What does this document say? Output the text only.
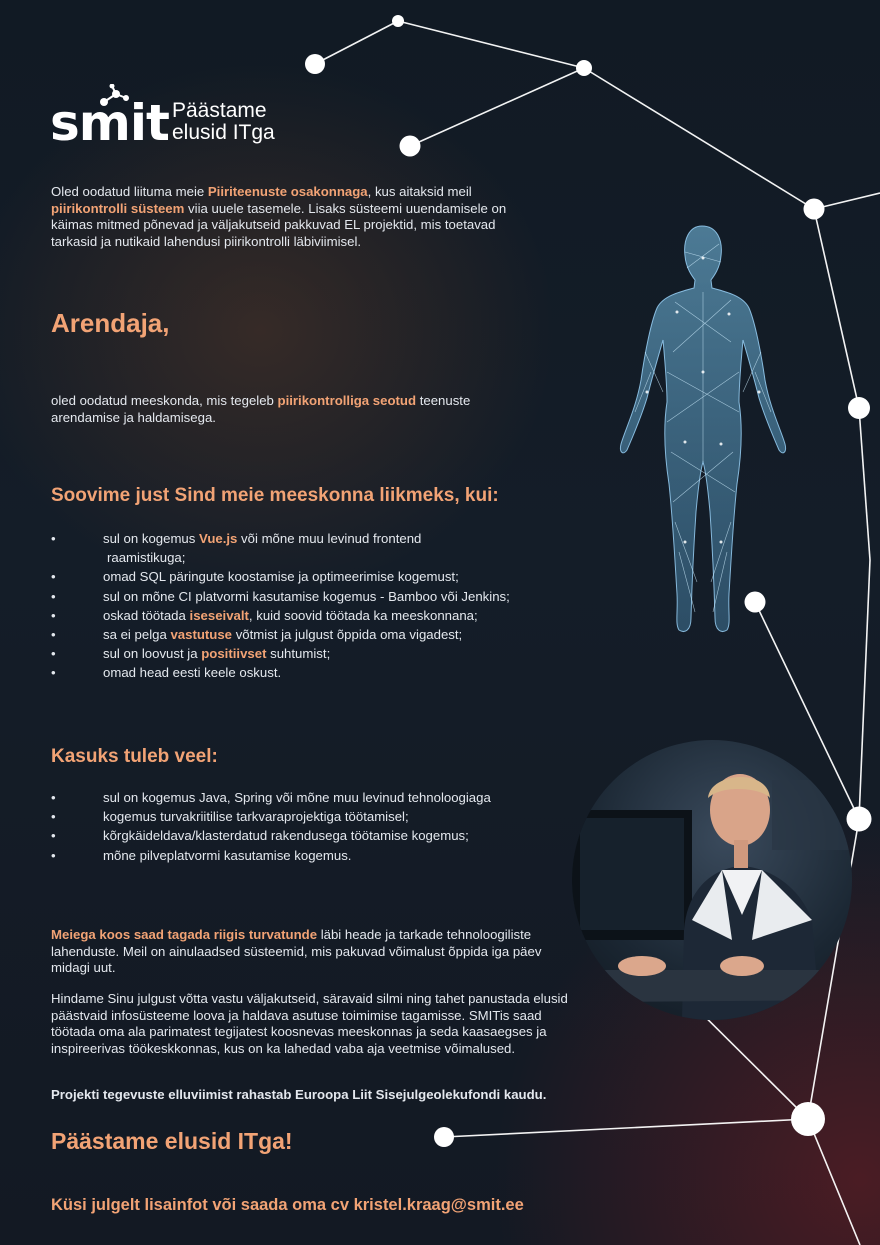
smit Päästame
elusid ITga
Oled oodatud liituma meie Piiriteenuste osakonnaga, kus aitaksid meil piirikontrolli süsteem viia uuele tasemele. Lisaks süsteemi uuendamisele on käimas mitmed põnevad ja väljakutseid pakkuvad EL projektid, mis toetavad tarkasid ja nutikaid lahendusi piirikontrolli läbiviimisel.
Arendaja,
oled oodatud meeskonda, mis tegeleb piirikontrolliga seotud teenuste arendamise ja haldamisega.
Soovime just Sind meie meeskonna liikmeks, kui:
• sul on kogemus Vue.js või mõne muu levinud frontend
raamistikuga;
• omad SQL päringute koostamise ja optimeerimise kogemust;
• sul on mõne CI platvormi kasutamise kogemus - Bamboo või Jenkins;
• oskad töötada iseseivalt, kuid soovid töötada ka meeskonnana;
• sa ei pelga vastutuse võtmist ja julgust õppida oma vigadest;
• sul on loovust ja positiivset suhtumist;
• omad head eesti keele oskust.
Kasuks tuleb veel:
• sul on kogemus Java, Spring või mõne muu levinud tehnoloogiaga
• kogemus turvakriitilise tarkvaraprojektiga töötamisel;
• kõrgkäideldava/klasterdatud rakendusega töötamise kogemus;
• mõne pilveplatvormi kasutamise kogemus.
Meiega koos saad tagada riigis turvatunde läbi heade ja tarkade tehnoloogiliste lahenduste. Meil on ainulaadsed süsteemid, mis pakuvad võimalust õppida iga päev midagi uut.
Hindame Sinu julgust võtta vastu väljakutseid, säravaid silmi ning tahet panustada elusid päästvaid infosüsteeme loova ja haldava asutuse toimimise tagamisse. SMITis saad töötada oma ala parimatest tegijatest koosnevas meeskonnas ja seda kaasaegses ja inspireerivas töökeskkonnas, kus on ka lahedad vaba aja veetmise võimalused.
Projekti tegevuste elluviimist rahastab Euroopa Liit Sisejulgeolekufondi kaudu.
Päästame elusid ITga!
Küsi julgelt lisainfot või saada oma cv kristel.kraag@smit.ee
